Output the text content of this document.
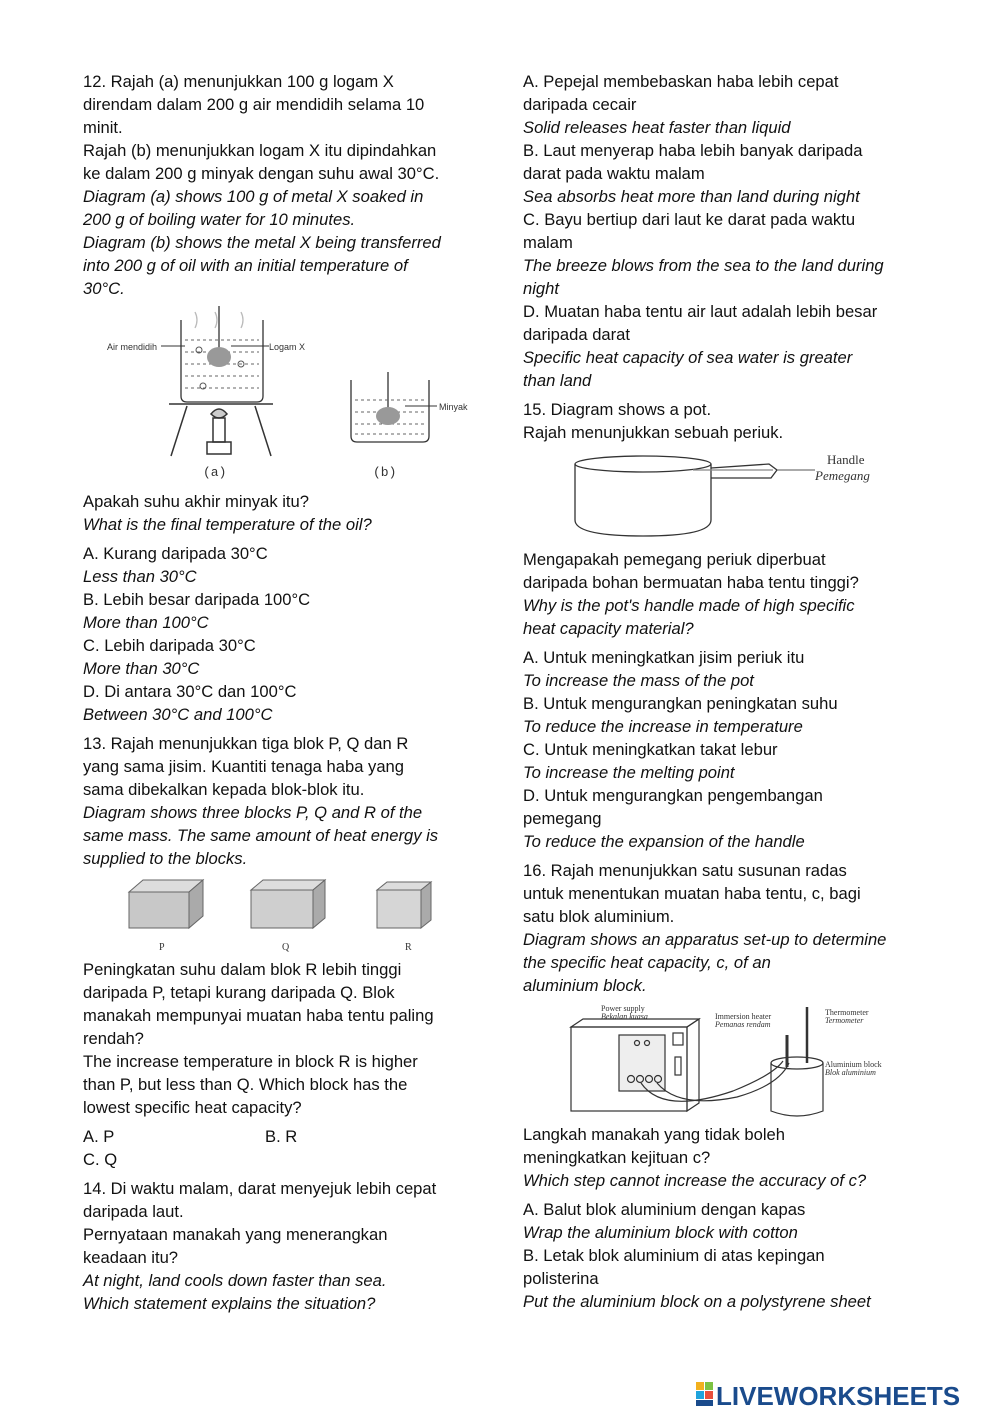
12. Rajah (a) menunjukkan 100 g logam X
direndam dalam 200 g air mendidih selama 10
minit.
Rajah (b) menunjukkan logam X itu dipindahkan
ke dalam 200 g minyak dengan suhu awal 30°C.
Diagram (a) shows 100 g of metal X soaked in
200 g of boiling water for 10 minutes.
Diagram (b) shows the metal X being transferred
into 200 g of oil with an initial temperature of
30°C.
Air mendidih	Logam X
(a)
Minyak
(b)
Apakah suhu akhir minyak itu?
What is the final temperature of the oil?
A. Kurang daripada 30°C
Less than 30°C
B. Lebih besar daripada 100°C
More than 100°C
C. Lebih daripada 30°C
More than 30°C
D. Di antara 30°C dan 100°C
Between 30°C and 100°C
13. Rajah menunjukkan tiga blok P, Q dan R
yang sama jisim. Kuantiti tenaga haba yang
sama dibekalkan kepada blok-blok itu.
Diagram shows three blocks P, Q and R of the
same mass. The same amount of heat energy is
supplied to the blocks.
P	Q	R
Peningkatan suhu dalam blok R lebih tinggi
daripada P, tetapi kurang daripada Q. Blok
manakah mempunyai muatan haba tentu paling
rendah?
The increase temperature in block R is higher
than P, but less than Q. Which block has the
lowest specific heat capacity?
A. P	B. R
C. Q
14. Di waktu malam, darat menyejuk lebih cepat
daripada laut.
Pernyataan manakah yang menerangkan
keadaan itu?
At night, land cools down faster than sea.
Which statement explains the situation?
A. Pepejal membebaskan haba lebih cepat
daripada cecair
Solid releases heat faster than liquid
B. Laut menyerap haba lebih banyak daripada
darat pada waktu malam
Sea absorbs heat more than land during night
C. Bayu bertiup dari laut ke darat pada waktu
malam
The breeze blows from the sea to the land during
night
D. Muatan haba tentu air laut adalah lebih besar
daripada darat
Specific heat capacity of sea water is greater
than land
15. Diagram shows a pot.
Rajah menunjukkan sebuah periuk.
Handle
Pemegang
Mengapakah pemegang periuk diperbuat
daripada bohan bermuatan haba tentu tinggi?
Why is the pot's handle made of high specific
heat capacity material?
A. Untuk meningkatkan jisim periuk itu
To increase the mass of the pot
B. Untuk mengurangkan peningkatan suhu
To reduce the increase in temperature
C. Untuk meningkatkan takat lebur
To increase the melting point
D. Untuk mengurangkan pengembangan
pemegang
To reduce the expansion of the handle
16. Rajah menunjukkan satu susunan radas
untuk menentukan muatan haba tentu, c, bagi
satu blok aluminium.
Diagram shows an apparatus set-up to determine
the specific heat capacity, c, of an
aluminium block.
Power supply
Bekalan kuasa	Immersion heater
Pemanas rendam
Thermometer
Termometer
Aluminium block
Blok aluminium
Langkah manakah yang tidak boleh
meningkatkan kejituan c?
Which step cannot increase the accuracy of c?
A. Balut blok aluminium dengan kapas
Wrap the aluminium block with cotton
B. Letak blok aluminium di atas kepingan
polisterina
Put the aluminium block on a polystyrene sheet
LIVEWORKSHEETS
